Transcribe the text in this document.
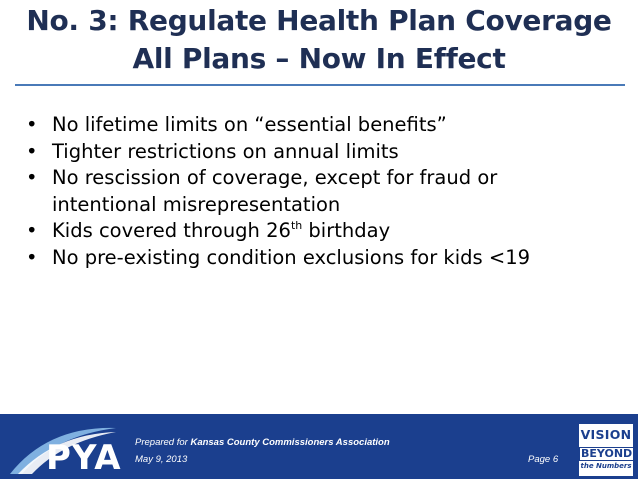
No. 3: Regulate Health Plan Coverage
All Plans – Now In Effect
• No lifetime limits on “essential benefits”
• Tighter restrictions on annual limits
• No rescission of coverage, except for fraud or
intentional misrepresentation
• Kids covered through 26th birthday
• No pre-existing condition exclusions for kids <19
PYA Prepared for Kansas County Commissioners Association
May 9, 2013	Page 6
VISION
BEYOND
the Numbers
